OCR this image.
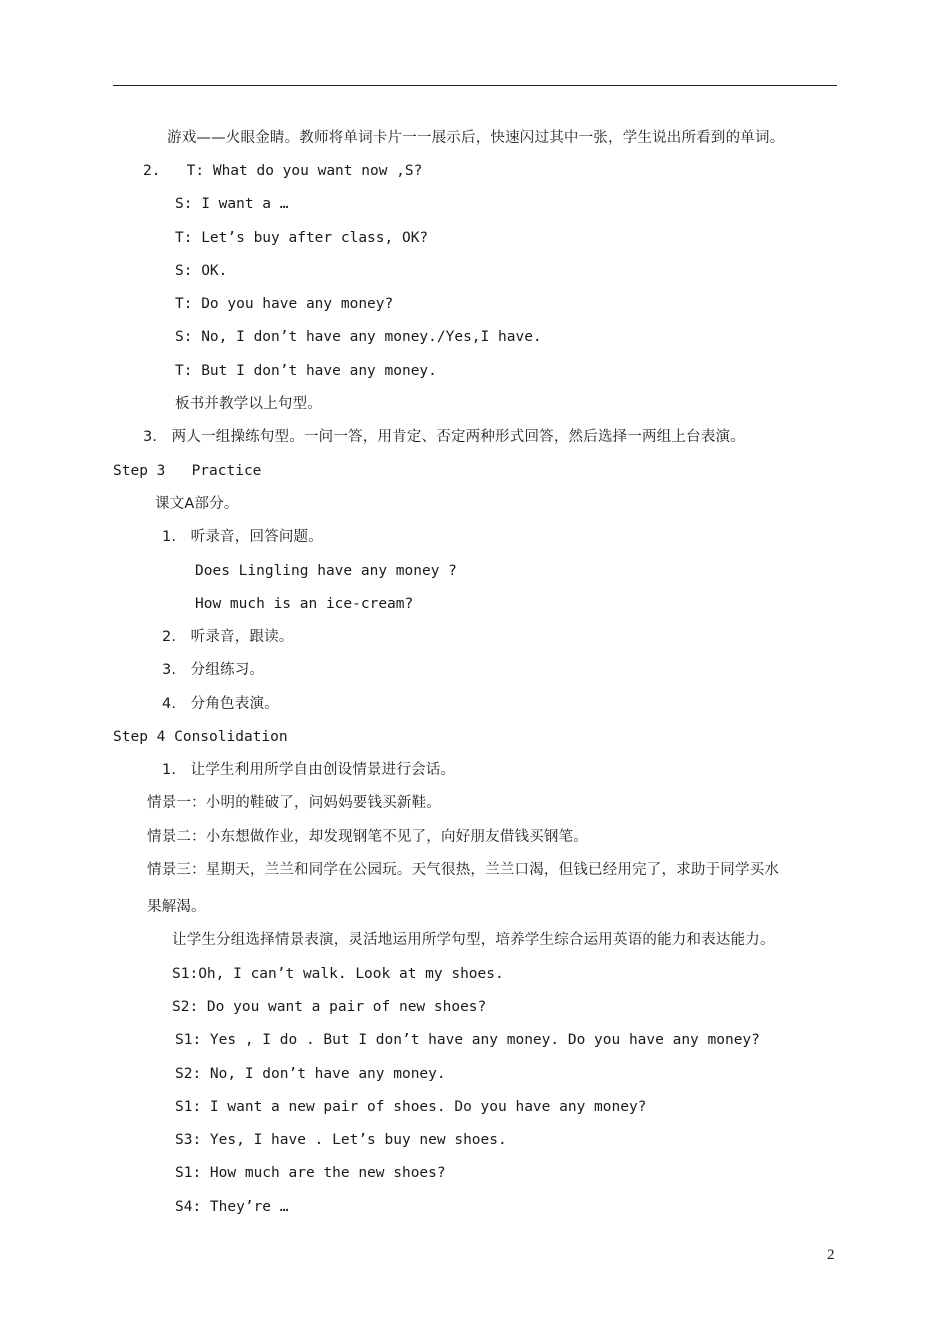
游戏——火眼金睛。教师将单词卡片一一展示后，快速闪过其中一张，学生说出所看到的单词。
2.   T: What do you want now ,S?
S: I want a …
T: Let’s buy after class, OK?
S: OK.
T: Do you have any money?
S: No, I don’t have any money./Yes,I have.
T: But I don’t have any money.
板书并教学以上句型。
3.   两人一组操练句型。一问一答，用肯定、否定两种形式回答，然后选择一两组上台表演。
Step 3   Practice
课文A部分。
1.   听录音，回答问题。
Does Lingling have any money ?
How much is an ice-cream?
2.   听录音，跟读。
3.   分组练习。
4.   分角色表演。
Step 4 Consolidation
1.   让学生利用所学自由创设情景进行会话。
情景一：小明的鞋破了，问妈妈要钱买新鞋。
情景二：小东想做作业，却发现钢笔不见了，向好朋友借钱买钢笔。
情景三：星期天，兰兰和同学在公园玩。天气很热，兰兰口渴，但钱已经用完了，求助于同学买水
果解渴。
让学生分组选择情景表演，灵活地运用所学句型，培养学生综合运用英语的能力和表达能力。
S1:Oh, I can’t walk. Look at my shoes.
S2: Do you want a pair of new shoes?
S1: Yes , I do . But I don’t have any money. Do you have any money?
S2: No, I don’t have any money.
S1: I want a new pair of shoes. Do you have any money?
S3: Yes, I have . Let’s buy new shoes.
S1: How much are the new shoes?
S4: They’re …
2
